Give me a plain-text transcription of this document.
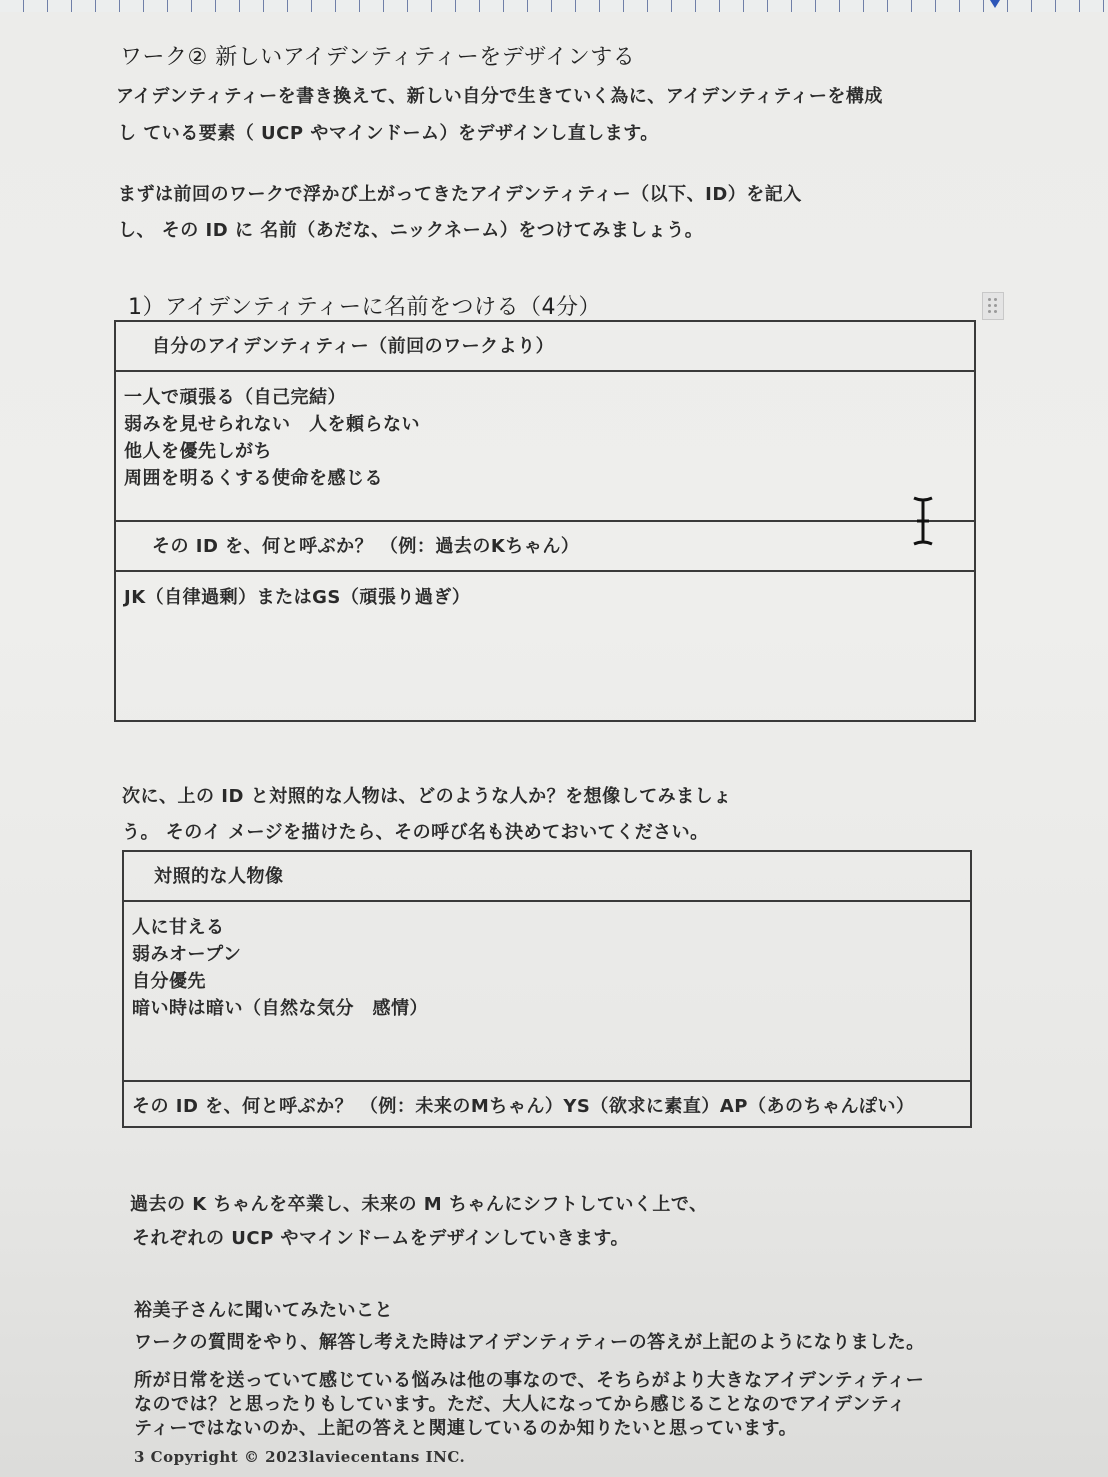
ワーク② 新しいアイデンティティーをデザインする
アイデンティティーを書き換えて、新しい自分で生きていく為に、アイデンティティーを構成
し ている要素（ UCP やマインドーム）をデザインし直します。
まずは前回のワークで浮かび上がってきたアイデンティティー（以下、ID）を記入
し、 その ID に 名前（あだな、ニックネーム）をつけてみましょう。
1）アイデンティティーに名前をつける（4分）
自分のアイデンティティー（前回のワークより）

一人で頑張る（自己完結）
弱みを見せられない　人を頼らない
他人を優先しがち
周囲を明るくする使命を感じる

その ID を、何と呼ぶか？ （例：過去のKちゃん）
JK（自律過剰）またはGS（頑張り過ぎ）
次に、上の ID と対照的な人物は、どのような人か？を想像してみましょ
う。 そのイ メージを描けたら、その呼び名も決めておいてください。
対照的な人物像

人に甘える
弱みオープン
自分優先
暗い時は暗い（自然な気分　感情）

その ID を、何と呼ぶか？ （例：未来のMちゃん）YS（欲求に素直）AP（あのちゃんぽい）
過去の K ちゃんを卒業し、未来の M ちゃんにシフトしていく上で、
それぞれの UCP やマインドームをデザインしていきます。
裕美子さんに聞いてみたいこと
ワークの質問をやり、解答し考えた時はアイデンティティーの答えが上記のようになりました。
所が日常を送っていて感じている悩みは他の事なので、そちらがより大きなアイデンティティー
なのでは？と思ったりもしています。ただ、大人になってから感じることなのでアイデンティ
ティーではないのか、上記の答えと関連しているのか知りたいと思っています。
3 Copyright © 2023laviecentans INC.
